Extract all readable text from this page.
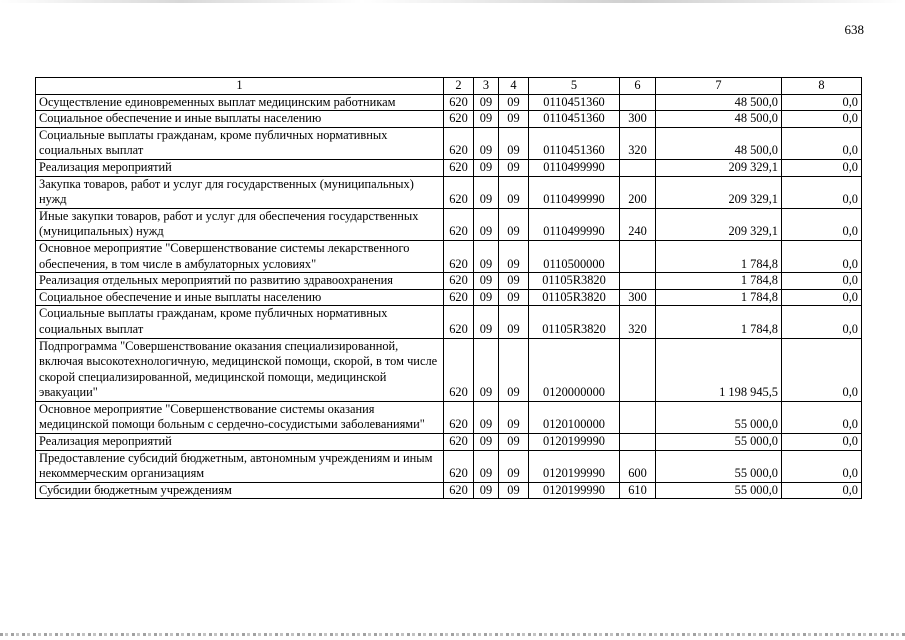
638
1	2	3	4	5	6	7	8
Осуществление единовременных выплат медицинским работникам	620	09	09	0110451360		48 500,0	0,0
Социальное обеспечение и иные выплаты населению	620	09	09	0110451360	300	48 500,0	0,0
Социальные выплаты гражданам, кроме публичных нормативных социальных выплат	620	09	09	0110451360	320	48 500,0	0,0
Реализация мероприятий	620	09	09	0110499990		209 329,1	0,0
Закупка товаров, работ и услуг для государственных (муниципальных) нужд	620	09	09	0110499990	200	209 329,1	0,0
Иные закупки товаров, работ и услуг для обеспечения государственных (муниципальных) нужд	620	09	09	0110499990	240	209 329,1	0,0
Основное мероприятие "Совершенствование системы лекарственного обеспечения, в том числе в амбулаторных условиях"	620	09	09	0110500000		1 784,8	0,0
Реализация отдельных мероприятий по развитию здравоохранения	620	09	09	01105R3820		1 784,8	0,0
Социальное обеспечение и иные выплаты населению	620	09	09	01105R3820	300	1 784,8	0,0
Социальные выплаты гражданам, кроме публичных нормативных социальных выплат	620	09	09	01105R3820	320	1 784,8	0,0
Подпрограмма "Совершенствование оказания специализированной, включая высокотехнологичную, медицинской помощи, скорой, в том числе скорой специализированной, медицинской помощи, медицинской эвакуации"	620	09	09	0120000000		1 198 945,5	0,0
Основное мероприятие "Совершенствование системы оказания медицинской помощи больным с сердечно-сосудистыми заболеваниями"	620	09	09	0120100000		55 000,0	0,0
Реализация мероприятий	620	09	09	0120199990		55 000,0	0,0
Предоставление субсидий бюджетным, автономным учреждениям и иным некоммерческим организациям	620	09	09	0120199990	600	55 000,0	0,0
Субсидии бюджетным учреждениям	620	09	09	0120199990	610	55 000,0	0,0
